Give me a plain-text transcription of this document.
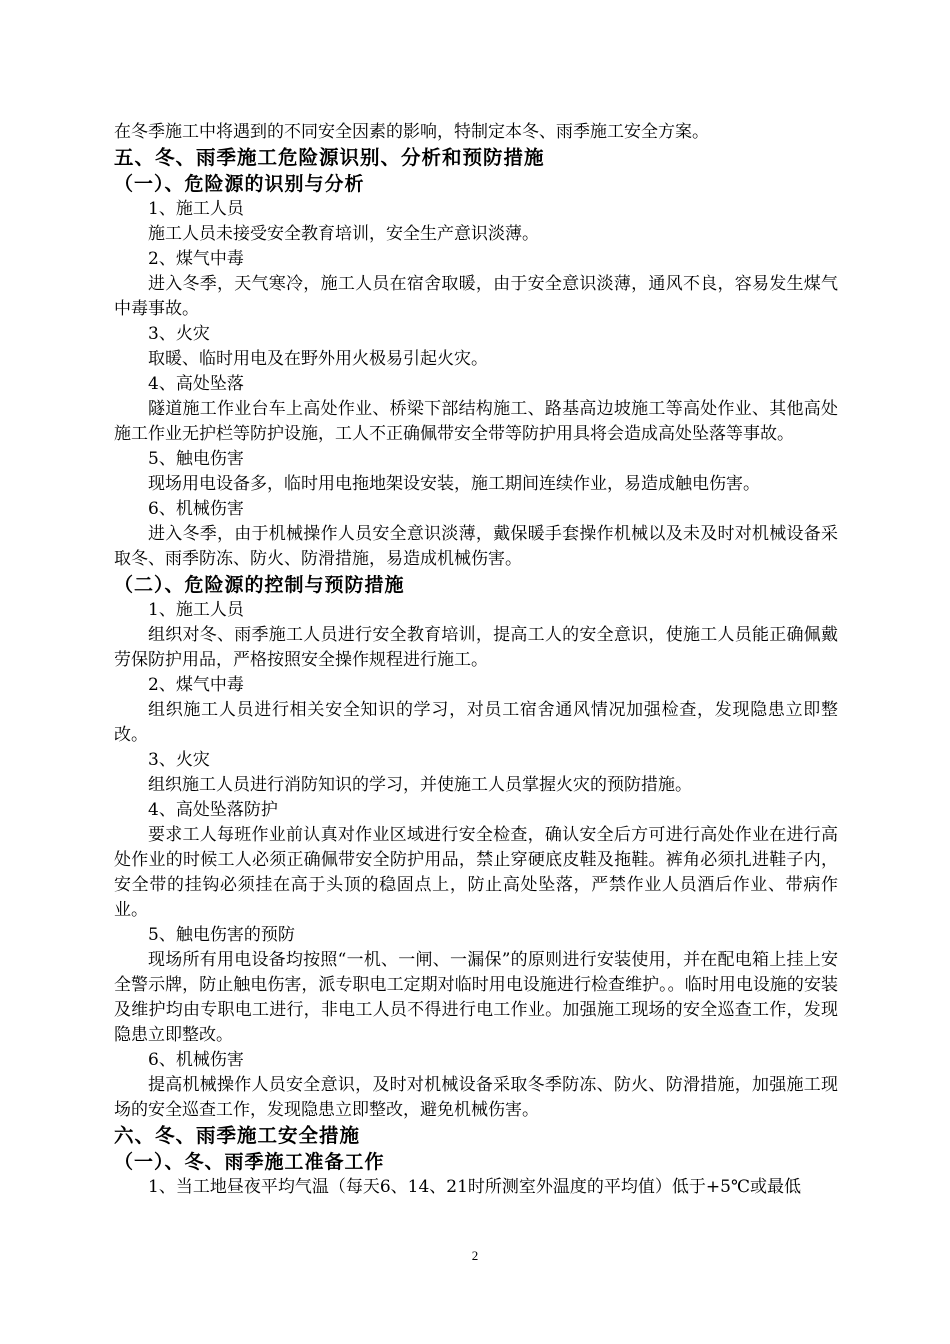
在冬季施工中将遇到的不同安全因素的影响，特制定本冬、雨季施工安全方案。

五、冬、雨季施工危险源识别、分析和预防措施

（一）、危险源的识别与分析

1、施工人员

施工人员未接受安全教育培训，安全生产意识淡薄。

2、煤气中毒

进入冬季，天气寒冷，施工人员在宿舍取暖，由于安全意识淡薄，通风不良，容易发生煤气中毒事故。

3、火灾

取暖、临时用电及在野外用火极易引起火灾。

4、高处坠落

隧道施工作业台车上高处作业、桥梁下部结构施工、路基高边坡施工等高处作业、其他高处施工作业无护栏等防护设施，工人不正确佩带安全带等防护用具将会造成高处坠落等事故。

5、触电伤害

现场用电设备多，临时用电拖地架设安装，施工期间连续作业，易造成触电伤害。

6、机械伤害

进入冬季，由于机械操作人员安全意识淡薄，戴保暖手套操作机械以及未及时对机械设备采取冬、雨季防冻、防火、防滑措施，易造成机械伤害。

（二）、危险源的控制与预防措施

1、施工人员

组织对冬、雨季施工人员进行安全教育培训，提高工人的安全意识，使施工人员能正确佩戴劳保防护用品，严格按照安全操作规程进行施工。

2、煤气中毒

组织施工人员进行相关安全知识的学习，对员工宿舍通风情况加强检查，发现隐患立即整改。

3、火灾

组织施工人员进行消防知识的学习，并使施工人员掌握火灾的预防措施。

4、高处坠落防护

要求工人每班作业前认真对作业区域进行安全检查，确认安全后方可进行高处作业在进行高处作业的时候工人必须正确佩带安全防护用品，禁止穿硬底皮鞋及拖鞋。裤角必须扎进鞋子内，安全带的挂钩必须挂在高于头顶的稳固点上，防止高处坠落，严禁作业人员酒后作业、带病作业。

5、触电伤害的预防

现场所有用电设备均按照“一机、一闸、一漏保”的原则进行安装使用，并在配电箱上挂上安全警示牌，防止触电伤害，派专职电工定期对临时用电设施进行检查维护。。临时用电设施的安装及维护均由专职电工进行，非电工人员不得进行电工作业。加强施工现场的安全巡查工作，发现隐患立即整改。

6、机械伤害

提高机械操作人员安全意识，及时对机械设备采取冬季防冻、防火、防滑措施，加强施工现场的安全巡查工作，发现隐患立即整改，避免机械伤害。

六、冬、雨季施工安全措施

（一）、冬、雨季施工准备工作

1、当工地昼夜平均气温（每天6、14、21时所测室外温度的平均值）低于+5℃或最低

2
